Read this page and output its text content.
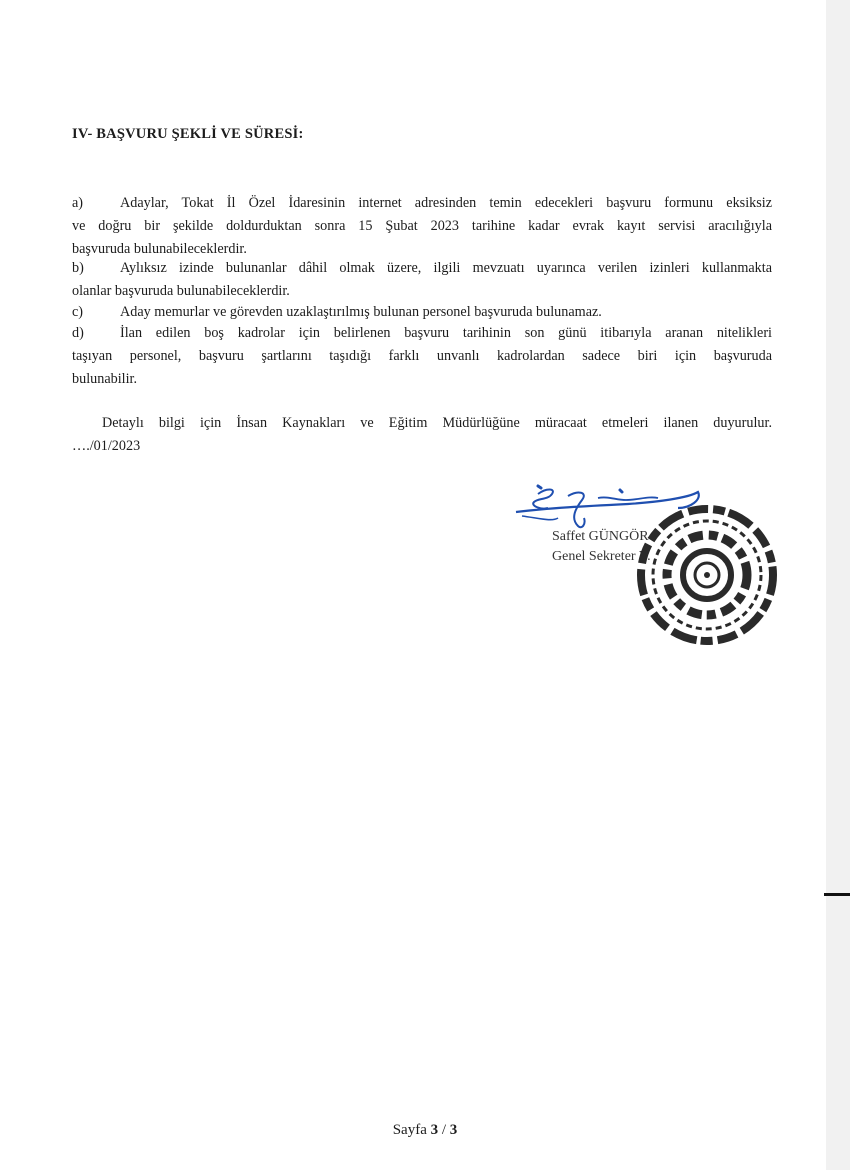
IV- BAŞVURU ŞEKLİ VE SÜRESİ:
a)	Adaylar, Tokat İl Özel İdaresinin internet adresinden temin edecekleri başvuru formunu eksiksiz
ve doğru bir şekilde doldurduktan sonra 15 Şubat 2023 tarihine kadar evrak kayıt servisi aracılığıyla
başvuruda bulunabileceklerdir.
b)	Aylıksız izinde bulunanlar dâhil olmak üzere, ilgili mevzuatı uyarınca verilen izinleri kullanmakta
olanlar başvuruda bulunabileceklerdir.
c)	Aday memurlar ve görevden uzaklaştırılmış bulunan personel başvuruda bulunamaz.
d)	İlan edilen boş kadrolar için belirlenen başvuru tarihinin son günü itibarıyla aranan nitelikleri
taşıyan personel, başvuru şartlarını taşıdığı farklı unvanlı kadrolardan sadece biri için başvuruda
bulunabilir.
Detaylı bilgi için İnsan Kaynakları ve Eğitim Müdürlüğüne müracaat etmeleri ilanen duyurulur.
…./01/2023
Saffet GÜNGÖR
Genel Sekreter V.
Sayfa 3 / 3
